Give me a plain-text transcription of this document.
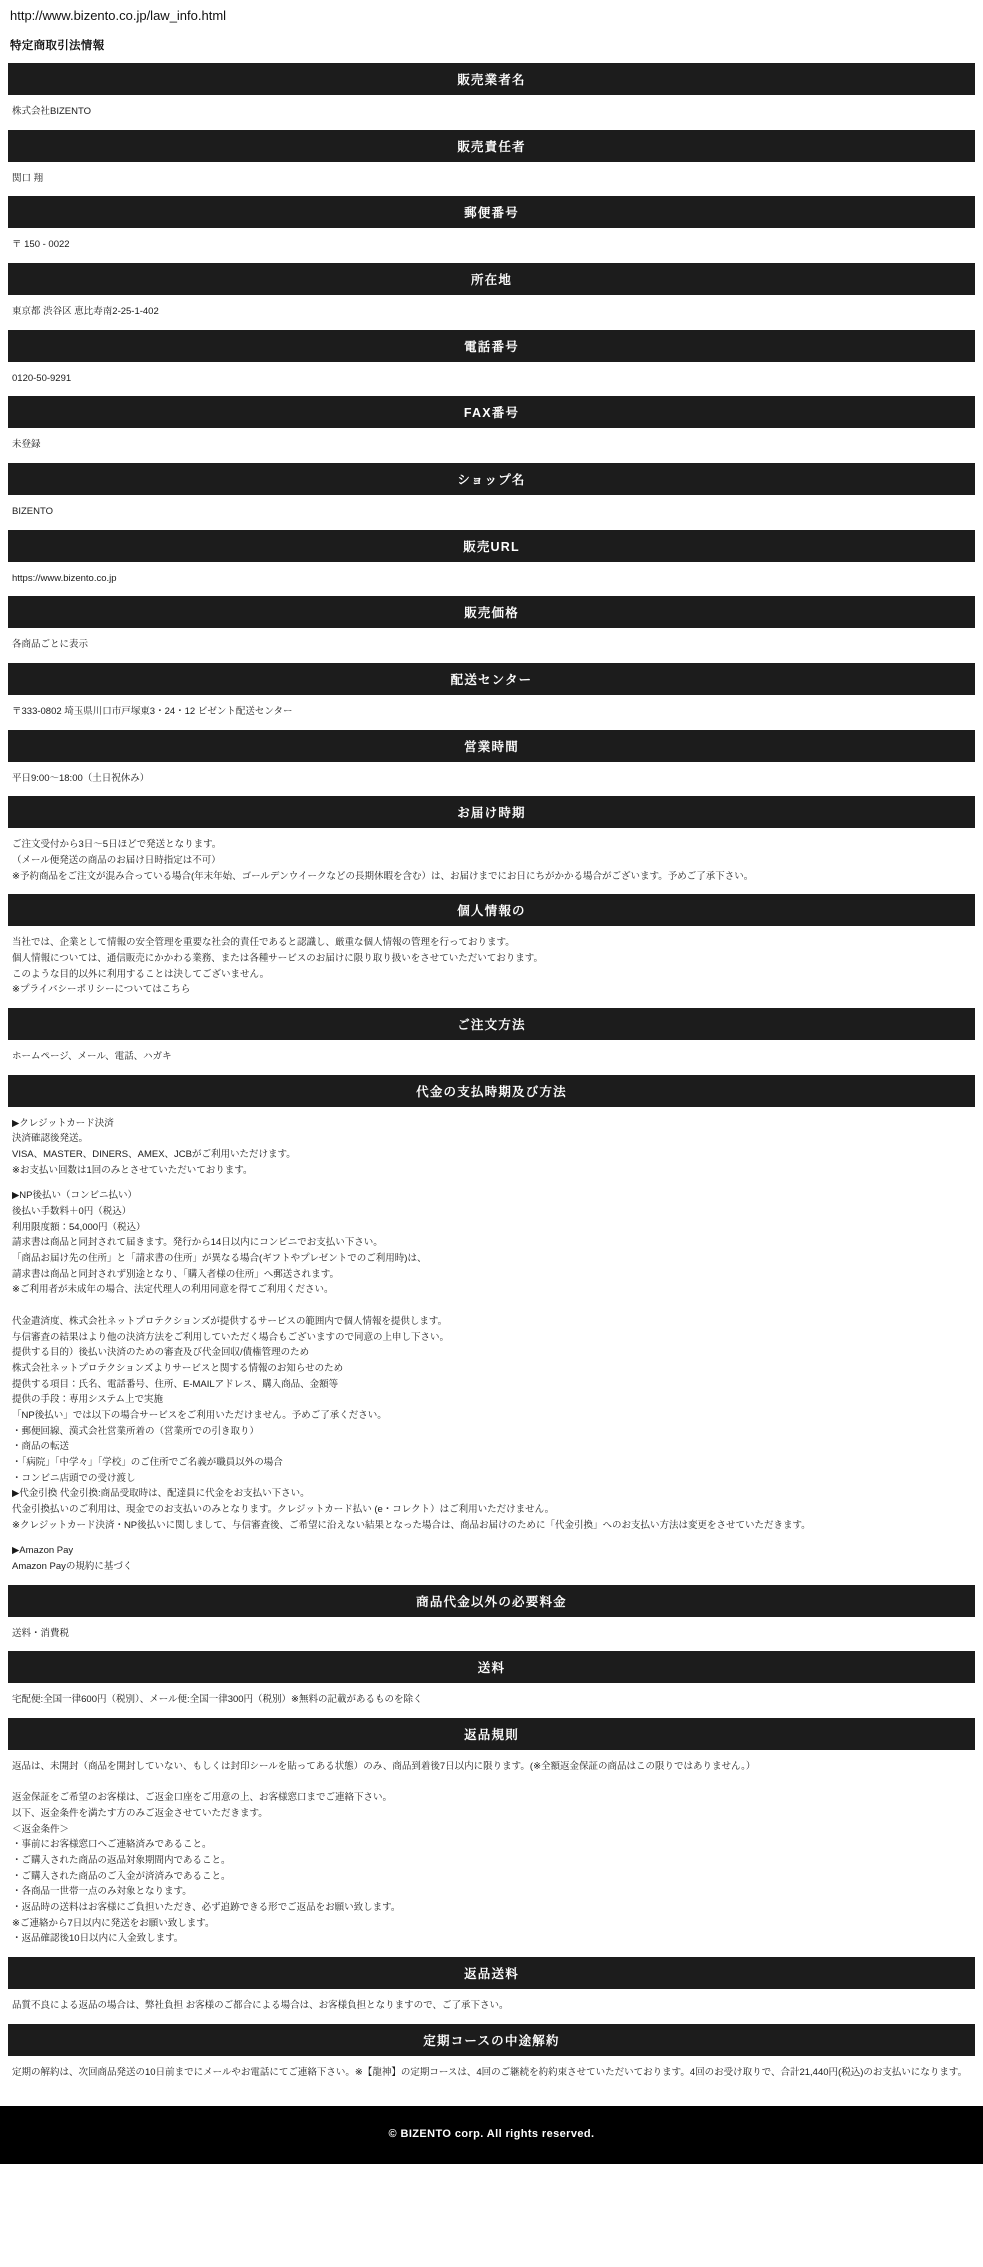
http://www.bizento.co.jp/law_info.html
特定商取引法情報
販売業者名

株式会社BIZENTO

販売責任者

関口 翔

郵便番号

〒 150 - 0022

所在地

東京都 渋谷区 恵比寿南2-25-1-402

電話番号

0120-50-9291

FAX番号

未登録

ショップ名

BIZENTO

販売URL

https://www.bizento.co.jp

販売価格

各商品ごとに表示

配送センター

〒333-0802 埼玉県川口市戸塚東3・24・12 ビゼント配送センター

営業時間

平日9:00〜18:00（土日祝休み）

お届け時期

ご注文受付から3日〜5日ほどで発送となります。

（メール便発送の商品のお届け日時指定は不可）

※予約商品をご注文が混み合っている場合(年末年始、ゴールデンウイークなどの長期休暇を含む）は、お届けまでにお日にちがかかる場合がございます。予めご了承下さい。

個人情報の

当社では、企業として情報の安全管理を重要な社会的責任であると認識し、厳重な個人情報の管理を行っております。

個人情報については、通信販売にかかわる業務、または各種サービスのお届けに限り取り扱いをさせていただいております。

このような目的以外に利用することは決してございません。

※プライバシーポリシーについてはこちら

ご注文方法

ホームページ、メール、電話、ハガキ

代金の支払時期及び方法

▶クレジットカード決済

決済確認後発送。

VISA、MASTER、DINERS、AMEX、JCBがご利用いただけます。

※お支払い回数は1回のみとさせていただいております。

▶NP後払い（コンビニ払い）

後払い手数料＋0円（税込）

利用限度額：54,000円（税込）

請求書は商品と同封されて届きます。発行から14日以内にコンビニでお支払い下さい。

「商品お届け先の住所」と「請求書の住所」が異なる場合(ギフトやプレゼントでのご利用時)は、

請求書は商品と同封されず別途となり、「購入者様の住所」へ郵送されます。

※ご利用者が未成年の場合、法定代理人の利用同意を得てご利用ください。

代金遣済度、株式会社ネットプロテクションズが提供するサービスの範囲内で個人情報を提供します。

与信審査の結果はより他の決済方法をご利用していただく場合もございますので同意の上申し下さい。

提供する目的）後払い決済のための審査及び代金回収/債権管理のため

株式会社ネットプロテクションズよりサービスと関する情報のお知らせのため

提供する項目：氏名、電話番号、住所、E-MAILアドレス、購入商品、金額等

提供の手段：専用システム上で実施

「NP後払い」では以下の場合サービスをご利用いただけません。予めご了承ください。

・郵便回線、漢式会社営業所着の（営業所での引き取り）

・商品の転送

・「病院」「中学々」「学校」のご住所でご名義が職員以外の場合

・コンビニ店頭での受け渡し

▶代金引換 代金引換:商品受取時は、配達員に代金をお支払い下さい。

代金引換払いのご利用は、現金でのお支払いのみとなります。クレジットカード払い (e・コレクト）はご利用いただけません。

※クレジットカード決済・NP後払いに関しまして、与信審査後、ご希望に沿えない結果となった場合は、商品お届けのために「代金引換」へのお支払い方法は変更をさせていただきます。

▶Amazon Pay

Amazon Payの規約に基づく

商品代金以外の必要料金

送料・消費税

送料

宅配便:全国一律600円（税別）、メール便:全国一律300円（税別）※無料の記載があるものを除く

返品規則

返品は、未開封（商品を開封していない、もしくは封印シールを貼ってある状態）のみ、商品到着後7日以内に限ります。(※全額返金保証の商品はこの限りではありません。）

返金保証をご希望のお客様は、ご返金口座をご用意の上、お客様窓口までご連絡下さい。

以下、返金条件を満たす方のみご返金させていただきます。

＜返金条件＞

・事前にお客様窓口へご連絡済みであること。

・ご購入された商品の返品対象期間内であること。

・ご購入された商品のご入金が済済みであること。

・各商品一世帯一点のみ対象となります。

・返品時の送料はお客様にご負担いただき、必ず追跡できる形でご返品をお願い致します。

※ご連絡から7日以内に発送をお願い致します。

・返品確認後10日以内に入金致します。

返品送料

品質不良による返品の場合は、弊社負担 お客様のご都合による場合は、お客様負担となりますので、ご了承下さい。

定期コースの中途解約

定期の解約は、次回商品発送の10日前までにメールやお電話にてご連絡下さい。※【龍神】の定期コースは、4回のご継続を約約束させていただいております。4回のお受け取りで、合計21,440円(税込)のお支払いになります。

© BIZENTO corp. All rights reserved.
